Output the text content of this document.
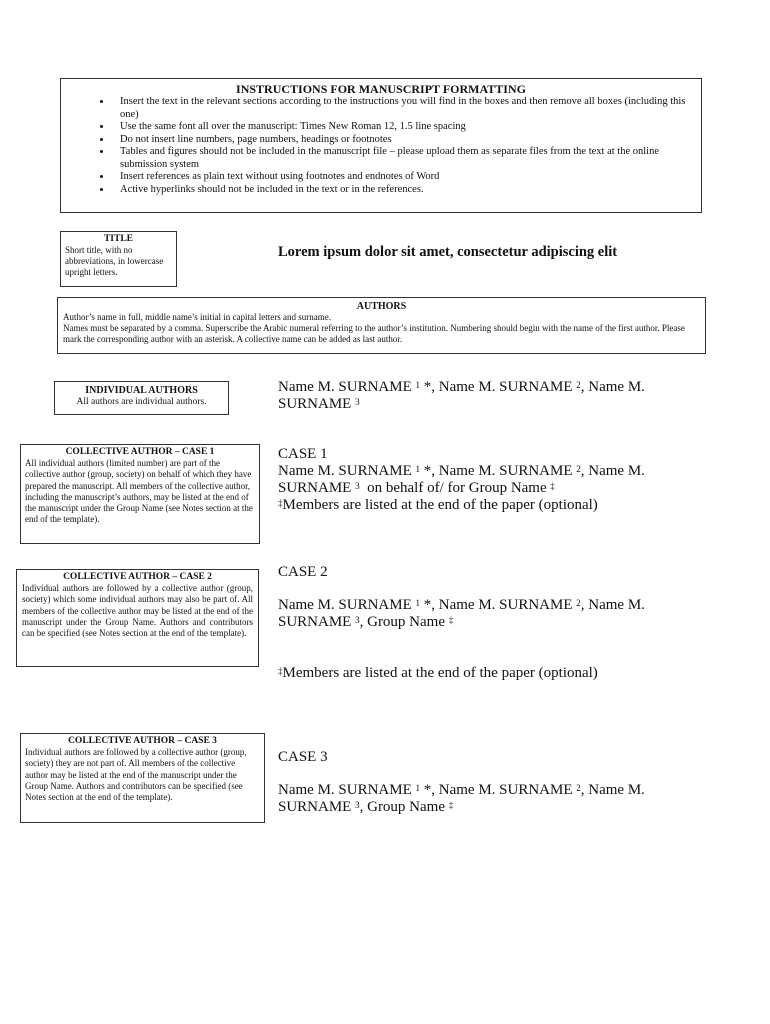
INSTRUCTIONS FOR MANUSCRIPT FORMATTING
• Insert the text in the relevant sections according to the instructions you will find in the boxes and then remove all boxes (including this one)
• Use the same font all over the manuscript: Times New Roman 12, 1.5 line spacing
• Do not insert line numbers, page numbers, headings or footnotes
• Tables and figures should not be included in the manuscript file – please upload them as separate files from the text at the online submission system
• Insert references as plain text without using footnotes and endnotes of Word
• Active hyperlinks should not be included in the text or in the references.
TITLE
Short title, with no abbreviations, in lowercase upright letters.
Lorem ipsum dolor sit amet, consectetur adipiscing elit
AUTHORS
Author’s name in full, middle name’s initial in capital letters and surname.
Names must be separated by a comma. Superscribe the Arabic numeral referring to the author’s institution. Numbering should begin with the name of the first author. Please mark the corresponding author with an asterisk. A collective name can be added as last author.
INDIVIDUAL AUTHORS
All authors are individual authors.
Name M. SURNAME $^1$ *, Name M. SURNAME $^2$, Name M.
SURNAME $^3$
COLLECTIVE AUTHOR – CASE 1
All individual authors (limited number) are part of the collective author (group, society) on behalf of which they have prepared the manuscript. All members of the collective author, including the manuscript’s authors, may be listed at the end of the manuscript under the Group Name (see Notes section at the end of the template).
CASE 1
Name M. SURNAME $^1$ *, Name M. SURNAME $^2$, Name M.
SURNAME $^3$ on behalf of/ for Group Name ‡
‡Members are listed at the end of the paper (optional)
COLLECTIVE AUTHOR – CASE 2
Individual authors are followed by a collective author (group, society) which some individual authors may also be part of. All members of the collective author may be listed at the end of the manuscript under the Group Name. Authors and contributors can be specified (see Notes section at the end of the template).
CASE 2
Name M. SURNAME $^1$ *, Name M. SURNAME $^2$, Name M.
SURNAME $^3$, Group Name ‡
‡Members are listed at the end of the paper (optional)
COLLECTIVE AUTHOR – CASE 3
Individual authors are followed by a collective author (group, society) they are not part of. All members of the collective author may be listed at the end of the manuscript under the Group Name. Authors and contributors can be specified (see Notes section at the end of the template).
CASE 3
Name M. SURNAME $^1$ *, Name M. SURNAME $^2$, Name M.
SURNAME $^3$, Group Name ‡
